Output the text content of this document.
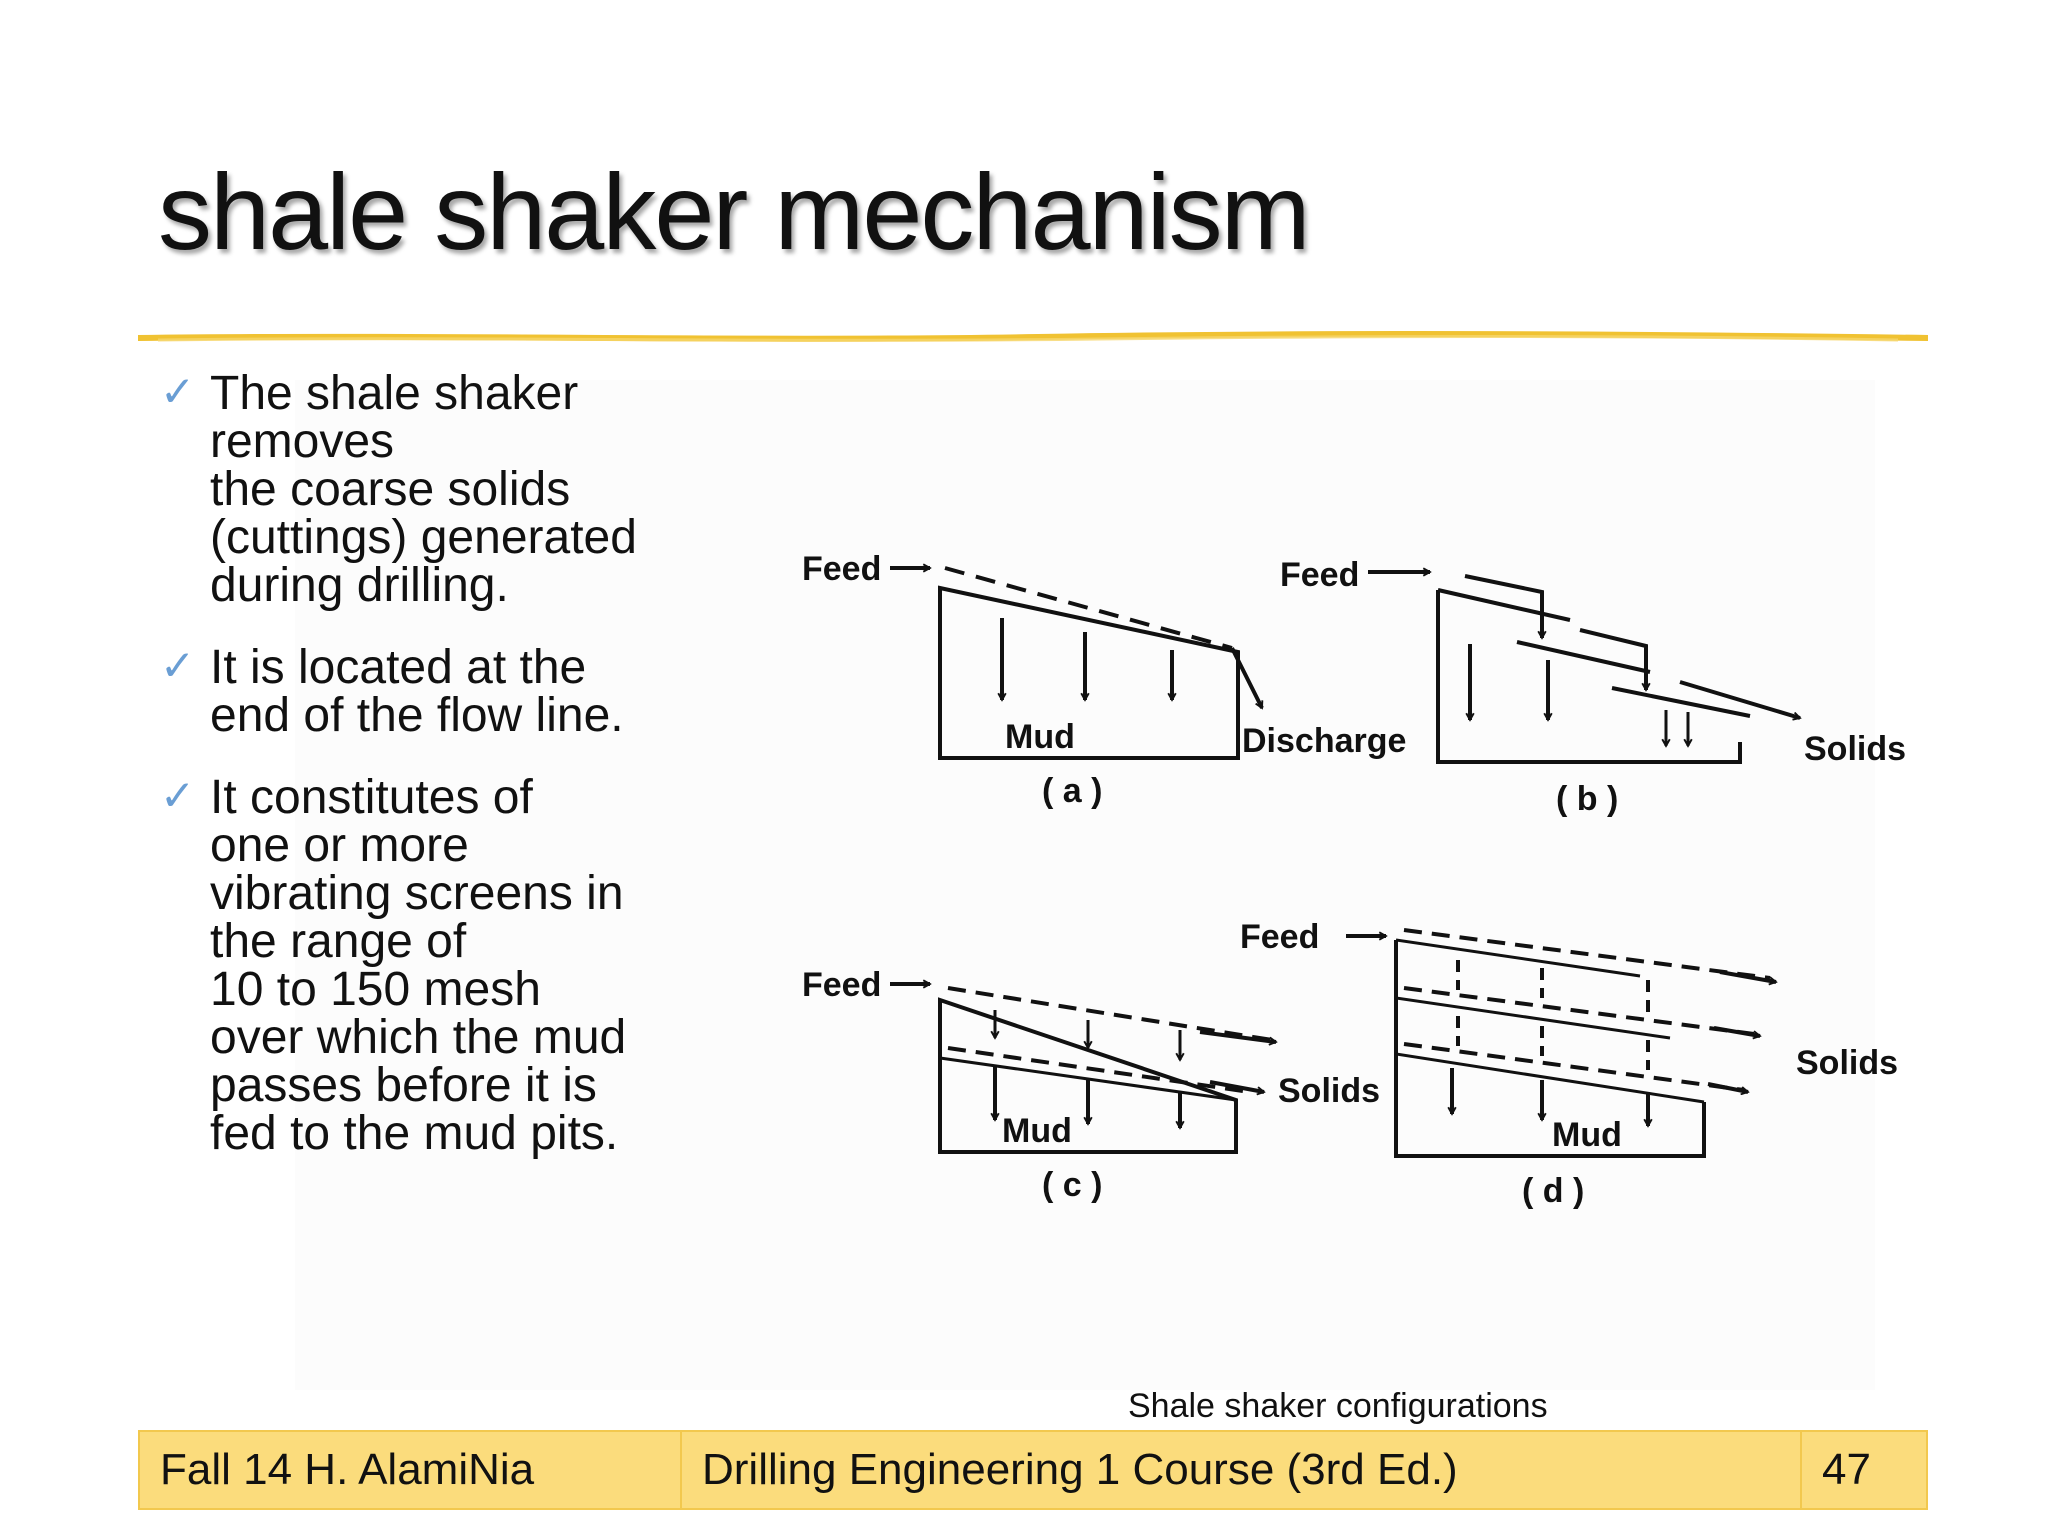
shale shaker mechanism
✓ The shale shaker
removes
the coarse solids
(cuttings) generated
during drilling.
✓ It is located at the
end of the flow line.
✓ It constitutes of
one or more
vibrating screens in
the range of
10 to 150 mesh
over which the mud
passes before it is
fed to the mud pits.
Feed
Mud	Discharge
( a )
Feed
Solids
( b )
Feed
Mud
Solids
( c )
Feed
Mud
Solids
( d )
Shale shaker configurations
Fall 14 H. AlamiNia	Drilling Engineering 1 Course (3rd Ed.)	47
